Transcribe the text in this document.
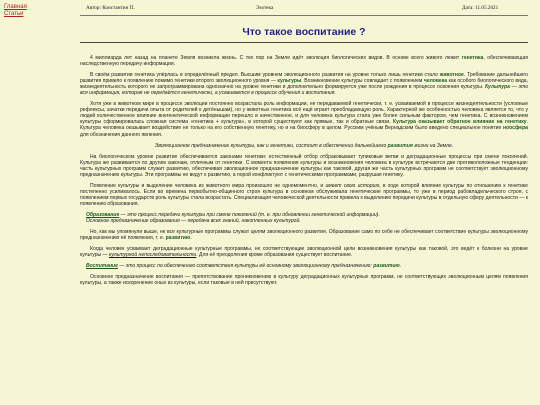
Главная
Статьи
Автор: Константин П.	Эзотека	Дата: 11.05.2021
Что такое воспитание ?

4 миллиарда лет назад на планете Земля возникла жизнь. С тех пор на Земле идёт эволюция биологических видов. В основе всего живого лежит генетика, обеспечивающая наследственную передачу информации.

В своём развитии генетика упёрлась в определённый предел. Высшим уровнем эволюционного развития на уровне только лишь генетики стало животное. Требование дальнейшего развития привело к появлению помимо генетики второго эволюционного уровня — культуры. Возникновение культуры совпадает с появлением человека как особого биологического вида, жизнедеятельность которого не запрограммирована однозначно на уровне генетики и дополнительно формируется уже после рождения в процессе освоения культуры. Культура — это вся информация, которая не передаётся генетически, а усваивается в процессе обучения и воспитания.

Хотя уже в животном мире в процессе эволюции постоянно возрастала роль информации, не передаваемой генетически, т. е. усваиваемой в процессе жизнедеятельности (условные рефлексы, зачатки передачи опыта от родителей к детёнышам), но у животных генетика всё ещё играет преобладающую роль. Характерной же особенностью человека является то, что у людей количественное влияние внегенетической информации перешло в качественное, и для человека культура стала уже более сильным фактором, чем генетика. С возникновением культуры сформировалась сложная система «генетика + культура», в которой существуют как прямые, так и обратные связи. Культура оказывает обратное влияние на генетику. Культура человека оказывает воздействие не только на его собственную генетику, но и на биосферу в целом. Русским учёным Вернадским было введено специальное понятие ноосфера для обозначения данного явления.

Эволюционное предназначение культуры, как и генетики, состоит в обеспечении дальнейшего развития жизни на Земле.

На биологическом уровне развитие обеспечивается законами генетики: естественный отбор отбраковывает тупиковые ветви и деградационные процессы при смене поколений. Культура же развивается по другим законам, отличным от генетики. С момента появления культуры и возникновения человека в культуре встречаются две противоположные тенденции: часть культурных программ служит развитию, обеспечивая эволюционное предназначение культуры как таковой, другая же часть культурных программ не соответствует эволюционному предназначению культуры. Эти программы не ведут к развитию, а порой конфликтуют с генетическими программами, разрушая генетику.

Появление культуры и выделение человека из животного мира произошло не одномоментно, и имеет свою историю, в ходе которой влияние культуры по отношению к генетике постепенно усиливалось. Если во времена первобытно-общинного строя культура в основном обслуживала генетические программы, то уже в период рабовладельческого строя, с появлением первых государств роль культуры стала возрастать. Специализация человеческой деятельности привела к выделению передачи культуры в отдельную сферу деятельности — к появлению образования.

Образование — это процесс передачи культуры при смене поколений (т. е. при обновлении генетической информации).
Основное предназначение образования — передача всех знаний, накопленных культурой.

Но, как мы упомянули выше, не все культурные программы служат целям эволюционного развития. Образование само по себе не обеспечивает соответствие культуры эволюционному предназначению её появления, т. е. развитию.

Когда человек усваивает деградационные культурные программы, не соответствующие эволюционной цели возникновения культуры как таковой, это ведёт к болезни на уровне культуры — культурной непоследовательности. Для её преодоления кроме образования существует воспитание.

Воспитание — это процесс по обеспечению соответствия культуры её основному эволюционному предназначению: развитию.

Основное предназначение воспитания — препятствование проникновению в культуру деградационных культурных программ, не соответствующих эволюционным целям появления культуры, а также искоренение оных из культуры, если таковые в ней присутствуют.
